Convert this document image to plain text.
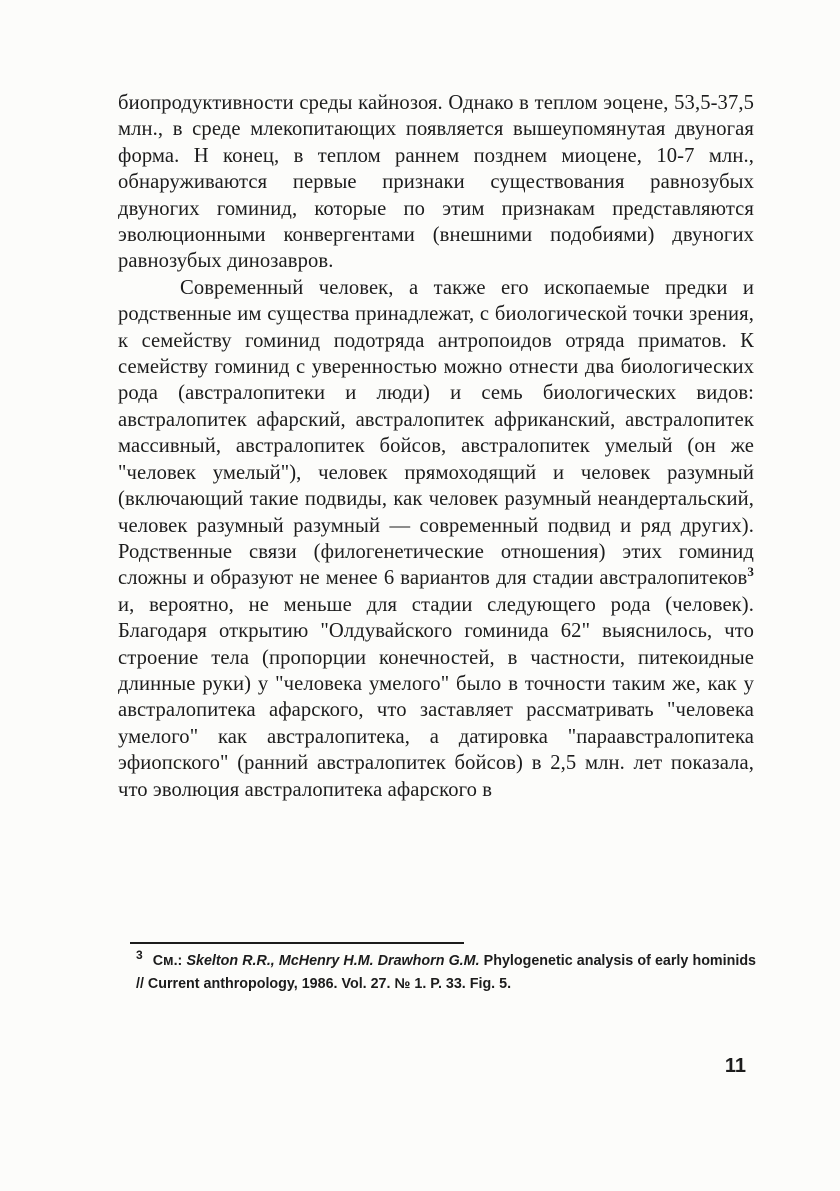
биопродуктивности среды кайнозоя. Однако в теплом эоцене, 53,5-37,5 млн., в среде млекопитающих появляется вышеупомянутая двуногая форма. Н конец, в теплом раннем позднем миоцене, 10-7 млн., обнаруживаются первые признаки существования равнозубых двуногих гоминид, которые по этим признакам представляются эволюционными конвергентами (внешними подобиями) двуногих равнозубых динозавров.

Современный человек, а также его ископаемые предки и родственные им существа принадлежат, с биологической точки зрения, к семейству гоминид подотряда антропоидов отряда приматов. К семейству гоминид с уверенностью можно отнести два биологических рода (австралопитеки и люди) и семь биологических видов: австралопитек афарский, австралопитек африканский, австралопитек массивный, австралопитек бойсов, австралопитек умелый (он же "человек умелый"), человек прямоходящий и человек разумный (включающий такие подвиды, как человек разумный неандертальский, человек разумный разумный — современный подвид и ряд других). Родственные связи (филогенетические отношения) этих гоминид сложны и образуют не менее 6 вариантов для стадии австралопитеков$^3$ и, вероятно, не меньше для стадии следующего рода (человек). Благодаря открытию "Олдувайского гоминида 62" выяснилось, что строение тела (пропорции конечностей, в частности, питекоидные длинные руки) у "человека умелого" было в точности таким же, как у австралопитека афарского, что заставляет рассматривать "человека умелого" как австралопитека, а датировка "параавстралопитека эфиопского" (ранний австралопитек бойсов) в 2,5 млн. лет показала, что эволюция австралопитека афарского в

$^3$ См.: Skelton R.R., McHenry H.M. Drawhorn G.M. Phylogenetic analysis of early hominids // Current anthropology, 1986. Vol. 27. № 1. P. 33. Fig. 5.
11
